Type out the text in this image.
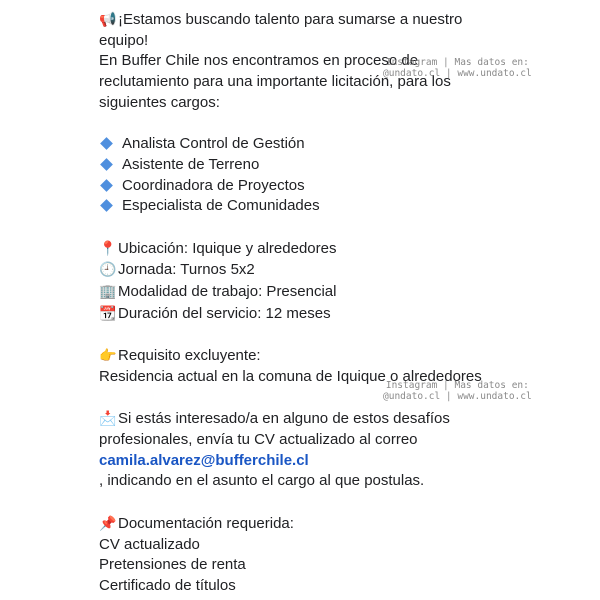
📢 ¡Estamos buscando talento para sumarse a nuestro
equipo!
En Buffer Chile nos encontramos en proceso de
reclutamiento para una importante licitación, para los
siguientes cargos:
Analista Control de Gestión
Asistente de Terreno
Coordinadora de Proyectos
Especialista de Comunidades
📍 Ubicación: Iquique y alrededores
🕘 Jornada: Turnos 5x2
🏢 Modalidad de trabajo: Presencial
📆 Duración del servicio: 12 meses
👉 Requisito excluyente:
Residencia actual en la comuna de Iquique o alrededores
📩 Si estás interesado/a en alguno de estos desafíos
profesionales, envía tu CV actualizado al correo
camila.alvarez@bufferchile.cl
, indicando en el asunto el cargo al que postulas.
📌 Documentación requerida:
CV actualizado
Pretensiones de renta
Certificado de títulos
Instagram | Mas datos en:
@undato.cl | www.undato.cl
Instagram | Mas datos en:
@undato.cl | www.undato.cl
